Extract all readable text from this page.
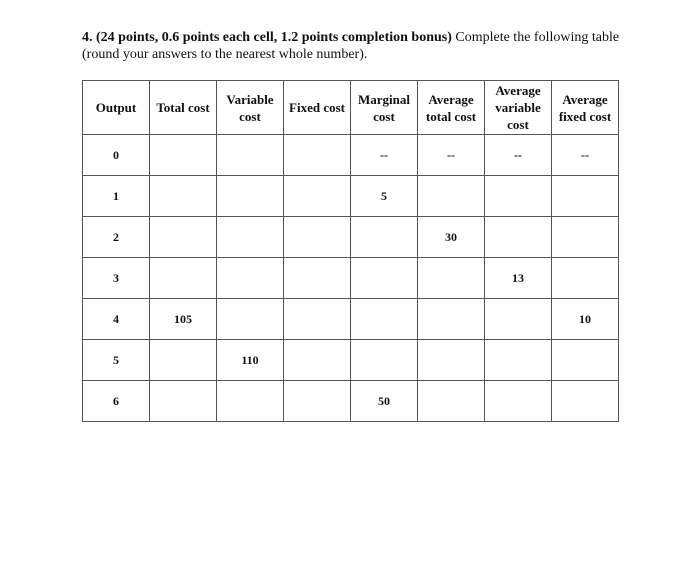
4. (24 points, 0.6 points each cell, 1.2 points completion bonus) Complete the following table (round your answers to the nearest whole number).
Output	Total cost	Variable cost	Fixed cost	Marginal cost	Average total cost	Average variable cost	Average fixed cost
0				--	--	--	--
1				5			
2					30		
3						13	
4	105						10
5		110					
6				50			
